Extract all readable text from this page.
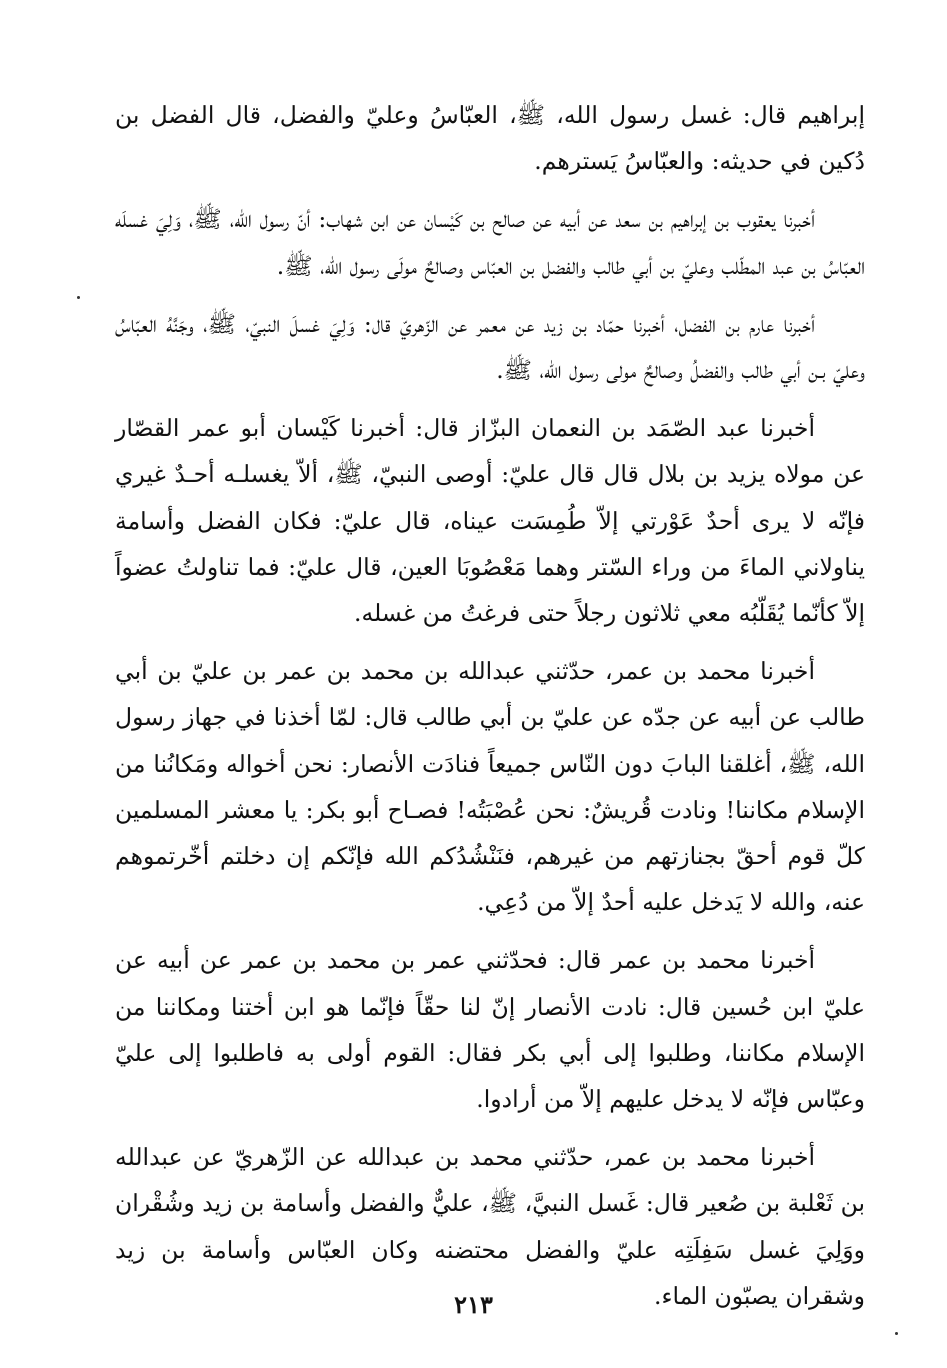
إبراهيم قال: غسل رسول الله، ﷺ، العبّاسُ وعليّ والفضل، قال الفضل بن دُكين في حديثه: والعبّاسُ يَسترهم.

أخبرنا يعقوب بن إبراهيم بن سعد عن أبيه عن صالح بن كَيْسان عن ابن شهاب: أنّ رسول الله، ﷺ، وَلِيَ غسلَه العبّاسُ بن عبد المطّلب وعليّ بن أبي طالب والفضل بن العبّاس وصالحٌ مولَى رسول الله، ﷺ.

أخبرنا عارم بن الفضل، أخبرنا حمّاد بن زيد عن معمر عن الزّهريّ قال: وَلِيَ غسلَ النبيّ، ﷺ، وجَنَّهُ العبّاسُ وعليّ بـن أبي طالب والفضلُ وصالحٌ مولى رسول الله، ﷺ.

أخبرنا عبد الصّمَد بن النعمان البزّاز قال: أخبرنا كَيْسان أبو عمر القصّار عن مولاه يزيد بن بلال قال قال عليّ: أوصى النبيّ، ﷺ، ألاّ يغسلـه أحـدٌ غيري فإنّه لا يرى أحدٌ عَوْرتي إلاّ طُمِسَت عيناه، قال عليّ: فكان الفضل وأسامة يناولاني الماءَ من وراء السّتر وهما مَعْصُوبَا العين، قال عليّ: فما تناولتُ عضواً إلاّ كأنّما يُقَلّبُه معي ثلاثون رجلاً حتى فرغتُ من غسله.

أخبرنا محمد بن عمر، حدّثني عبدالله بن محمد بن عمر بن عليّ بن أبي طالب عن أبيه عن جدّه عن عليّ بن أبي طالب قال: لمّا أخذنا في جهاز رسول الله، ﷺ، أغلقنا البابَ دون النّاس جميعاً فنادَت الأنصار: نحن أخواله ومَكانُنا من الإسلام مكاننا! ونادت قُريشٌ: نحن عُصْبَتُه! فصـاح أبو بكر: يا معشر المسلمين كلّ قوم أحقّ بجنازتهم من غيرهم، فنَنْشُدُكم الله فإنّكم إن دخلتم أخّرتموهم عنه، والله لا يَدخل عليه أحدٌ إلاّ من دُعِي.

أخبرنا محمد بن عمر قال: فحدّثني عمر بن محمد بن عمر عن أبيه عن عليّ ابن حُسين قال: نادت الأنصار إنّ لنا حقّاً فإنّما هو ابن أختنا ومكاننا من الإسلام مكاننا، وطلبوا إلى أبي بكر فقال: القوم أولى به فاطلبوا إلى عليّ وعبّاس فإنّه لا يدخل عليهم إلاّ من أرادوا.

أخبرنا محمد بن عمر، حدّثني محمد بن عبدالله عن الزّهريّ عن عبدالله بن ثَعْلبة بن صُعير قال: غَسل النبيَّ، ﷺ، عليٌّ والفضل وأسامة بن زيد وشُقْران ووَلِيَ غسل سَفِلَتِه عليّ والفضل محتضنه وكان العبّاس وأسامة بن زيد وشقران يصبّون الماء.

٢١٣
